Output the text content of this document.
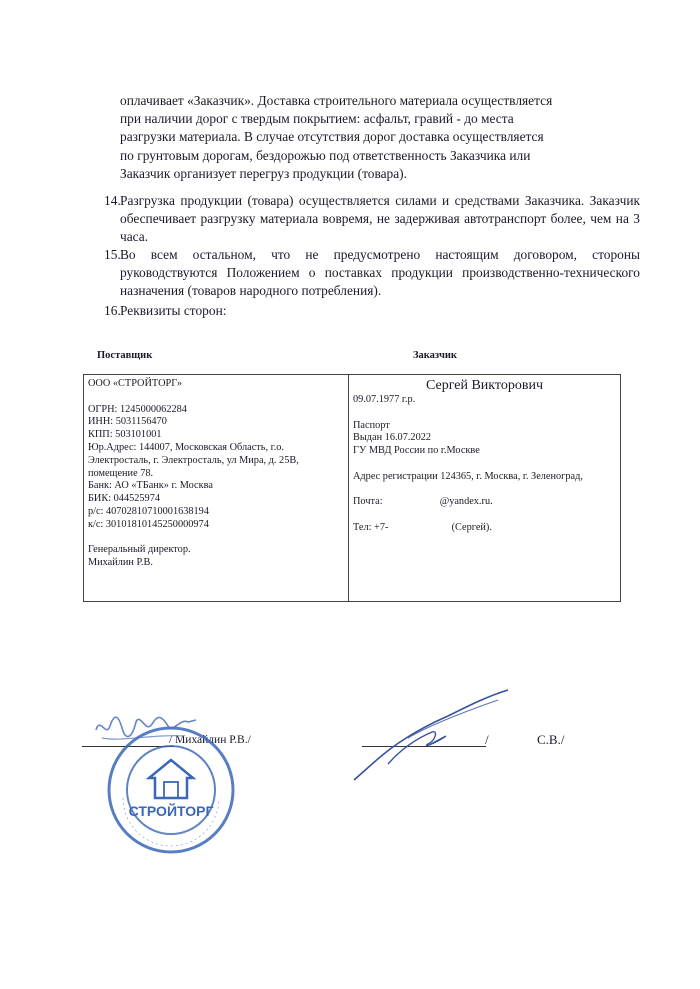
оплачивает «Заказчик». Доставка строительного материала осуществляется
при наличии дорог с твердым покрытием: асфальт, гравий - до места
разгрузки материала. В случае отсутствия дорог доставка осуществляется
по грунтовым дорогам, бездорожью под ответственность Заказчика или
Заказчик организует перегруз продукции (товара).
14. Разгрузка продукции (товара) осуществляется силами и средствами Заказчика. Заказчик обеспечивает разгрузку материала вовремя, не задерживая автотранспорт более, чем на 3 часа.
15. Во всем остальном, что не предусмотрено настоящим договором, стороны руководствуются Положением о поставках продукции производственно-технического назначения (товаров народного потребления).
16. Реквизиты сторон:
Поставщик	Заказчик
ООО «СТРОЙТОРГ»
ОГРН: 1245000062284
ИНН: 5031156470
КПП: 503101001
Юр.Адрес: 144007, Московская Область, г.о. Электросталь, г. Электросталь, ул Мира, д. 25В, помещение 78.
Банк: АО «ТБанк» г. Москва
БИК: 044525974
р/с: 40702810710001638194
к/с: 30101810145250000974
Генеральный директор.
Михайлин Р.В.

Сергей Викторович
09.07.1977 г.р.
Паспорт
Выдан 16.07.2022
ГУ МВД России по г.Москве
Адрес регистрации 124365, г. Москва, г. Зеленоград,
Почта:	@yandex.ru.
Тел: +7-	(Сергей).
/ Михайлин Р.В./
СТРОЙТОРГ
/	С.В./
